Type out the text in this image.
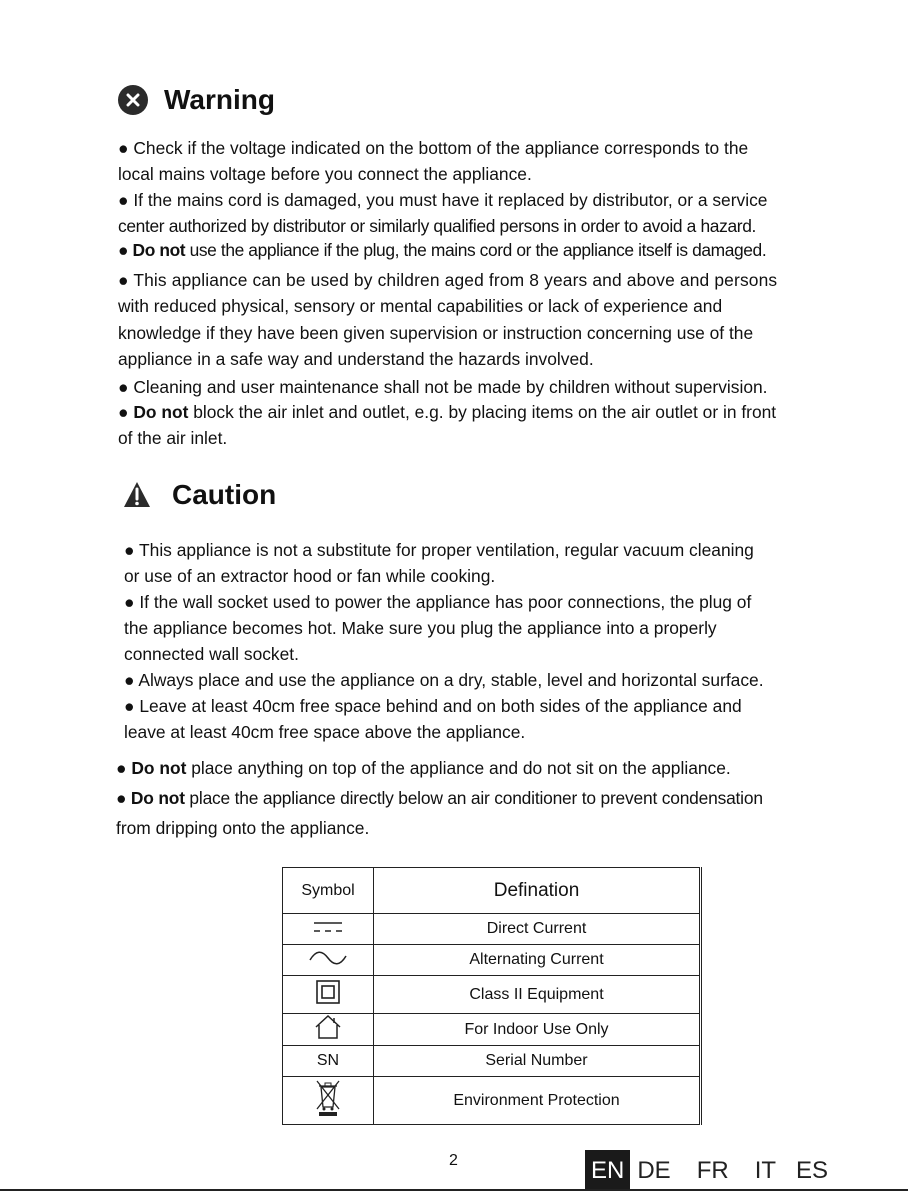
Warning
● Check if the voltage indicated on the bottom of the appliance corresponds to the
local mains voltage before you connect the appliance.
● If the mains cord is damaged, you must have it replaced by distributor, or a service
center authorized by distributor or similarly qualified persons in order to avoid a hazard.
● Do not use the appliance if the plug, the mains cord or the appliance itself is damaged.
● This appliance can be used by children aged from 8 years and above and persons
with reduced physical, sensory or mental capabilities or lack of experience and
knowledge if they have been given supervision or instruction concerning use of the
appliance in a safe way and understand the hazards involved.
● Cleaning and user maintenance shall not be made by children without supervision.
● Do not block the air inlet and outlet, e.g. by placing items on the air outlet or in front
of the air inlet.
Caution
● This appliance is not a substitute for proper ventilation, regular vacuum cleaning
or use of an extractor hood or fan while cooking.
● If the wall socket used to power the appliance has poor connections, the plug of
the appliance becomes hot. Make sure you plug the appliance into a properly
connected wall socket.
● Always place and use the appliance on a dry, stable, level and horizontal surface.
● Leave at least 40cm free space behind and on both sides of the appliance and
leave at least 40cm free space above the appliance.
● Do not place anything on top of the appliance and do not sit on the appliance.
● Do not place the appliance directly below an air conditioner to prevent condensation
from dripping onto the appliance.
Symbol	Defination
	Direct Current
	Alternating Current
	Class II Equipment
	For Indoor Use Only
SN	Serial Number
	Environment Protection
2	EN DE FR IT ES
